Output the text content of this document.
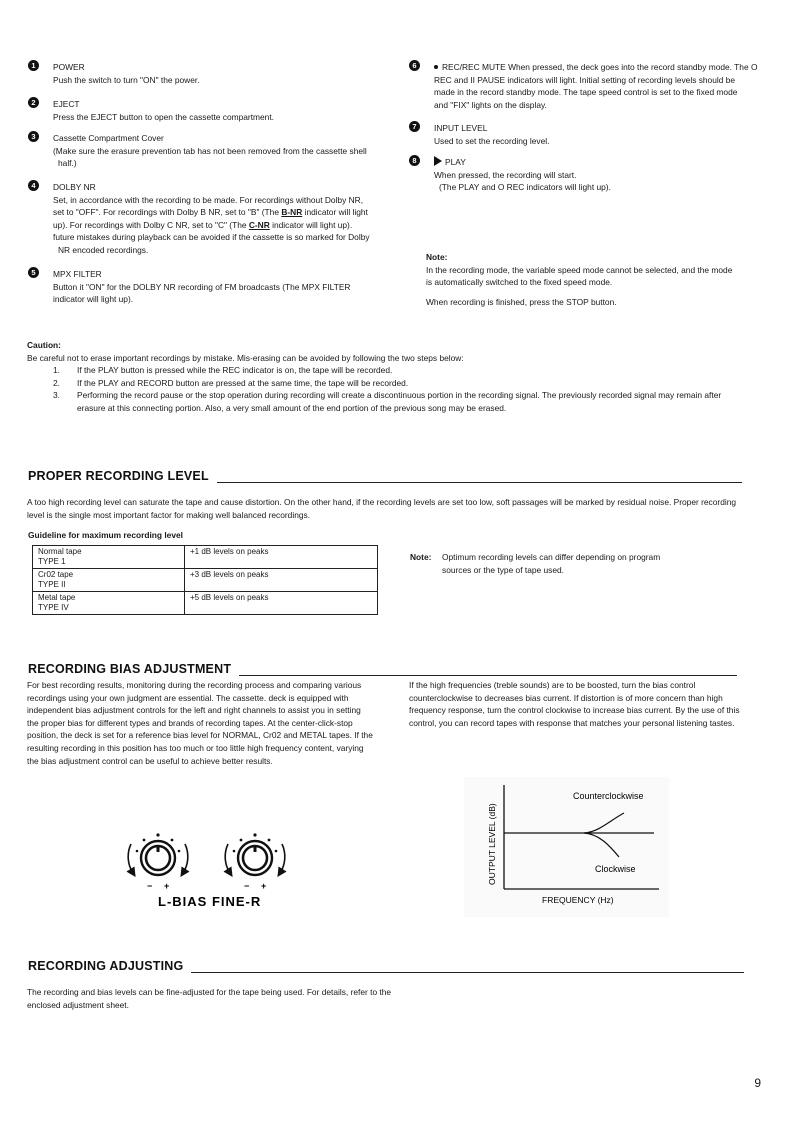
1	POWER
Push the switch to turn "ON" the power.
2	EJECT
Press the EJECT button to open the cassette compartment.
3	Cassette Compartment Cover
(Make sure the erasure prevention tab has not been removed from the cassette shell
half.)
4	DOLBY NR
Set, in accordance with the recording to be made. For recordings without Dolby NR,
set to "OFF". For recordings with Dolby B NR, set to "B" (The B-NR indicator will light
up). For recordings with Dolby C NR, set to "C" (The C-NR indicator will light up).
future mistakes during playback can be avoided if the cassette is so marked for Dolby
NR encoded recordings.
5	MPX FILTER
Button it "ON" for the DOLBY NR recording of FM broadcasts (The MPX FILTER
indicator will light up).
6	REC/REC MUTE When pressed, the deck goes into the record standby mode. The O
REC and II PAUSE indicators will light. Initial setting of recording levels should be
made in the record standby mode. The tape speed control is set to the fixed mode
and "FIX" lights on the display.
7	INPUT LEVEL
Used to set the recording level.
8	PLAY
When pressed, the recording will start.
(The PLAY and O REC indicators will light up).
Note:
In the recording mode, the variable speed mode cannot be selected, and the mode
is automatically switched to the fixed speed mode.
When recording is finished, press the STOP button.
Caution:
Be careful not to erase important recordings by mistake. Mis-erasing can be avoided by following the two steps below:
1. If the PLAY button is pressed while the REC indicator is on, the tape will be recorded.
2. If the PLAY and RECORD button are pressed at the same time, the tape will be recorded.
3. Performing the record pause or the stop operation during recording will create a discontinuous portion in the recording signal. The previously recorded signal may remain after
erasure at this connecting portion. Also, a very small amount of the end portion of the previous song may be erased.
PROPER RECORDING LEVEL
A too high recording level can saturate the tape and cause distortion. On the other hand, if the recording levels are set too low, soft passages will be marked by residual noise. Proper recording
level is the single most important factor for making well balanced recordings.
Guideline for maximum recording level
Normal tape
TYPE 1	+1 dB levels on peaks
Cr02 tape
TYPE II	+3 dB levels on peaks
Metal tape
TYPE IV	+5 dB levels on peaks
Note: Optimum recording levels can differ depending on program
sources or the type of tape used.
RECORDING BIAS ADJUSTMENT
For best recording results, monitoring during the recording process and comparing various
recordings using your own judgment are essential. The cassette. deck is equipped with
independent bias adjustment controls for the left and right channels to assist you in setting
the proper bias for different types and brands of recording tapes. At the center-click-stop
position, the deck is set for a reference bias level for NORMAL, Cr02 and METAL tapes. If the
resulting recording in this position has too much or too little high frequency content, varying
the bias adjustment control can be useful to achieve better results.
If the high frequencies (treble sounds) are to be boosted, turn the bias control
counterclockwise to decreases bias current. If distortion is of more concern than high
frequency response, turn the control clockwise to increase bias current. By the use of this
control, you can record tapes with response that matches your personal listening tastes.
− +	− +
L-BIAS FINE-R
Counterclockwise
Clockwise
FREQUENCY (Hz)
OUTPUT LEVEL (dB)
RECORDING ADJUSTING
The recording and bias levels can be fine-adjusted for the tape being used. For details, refer to the
enclosed adjustment sheet.
9
